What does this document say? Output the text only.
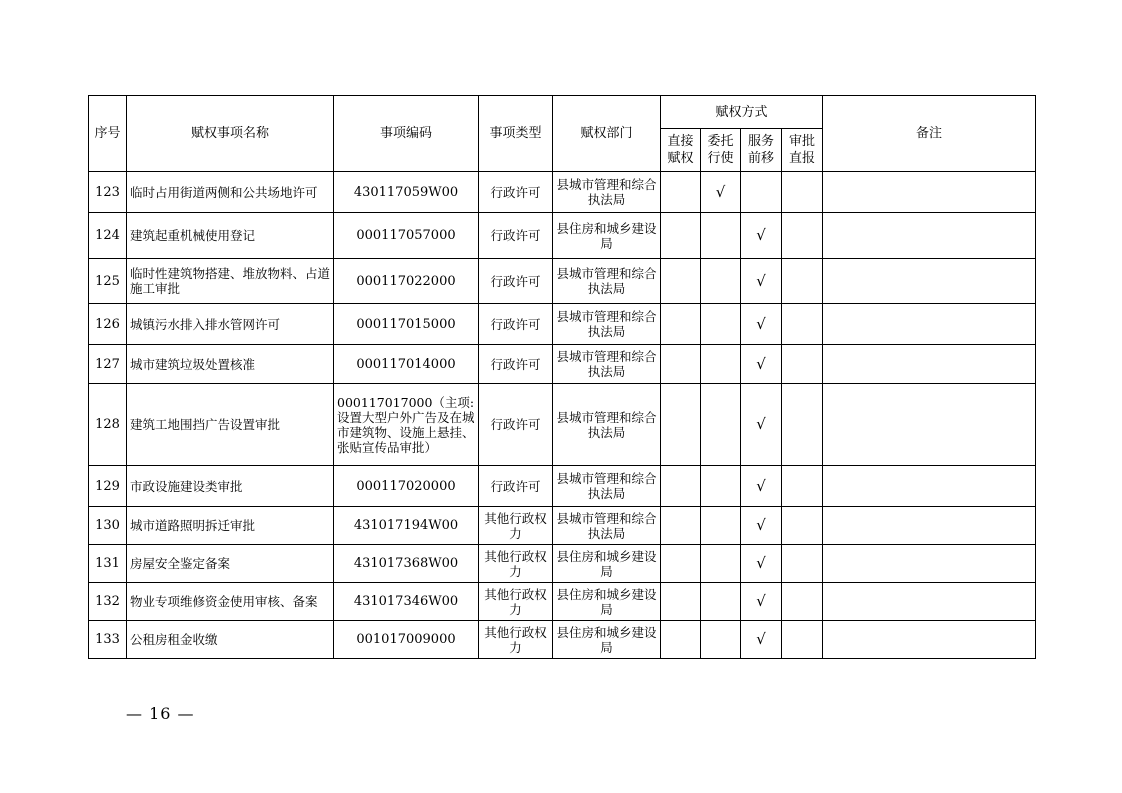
序号	赋权事项名称	事项编码	事项类型	赋权部门	赋权方式				备注
					直接赋权	委托行使	服务前移	审批直报	
123	临时占用街道两侧和公共场地许可	430117059W00	行政许可	县城市管理和综合执法局		√			
124	建筑起重机械使用登记	000117057000	行政许可	县住房和城乡建设局			√		
125	临时性建筑物搭建、堆放物料、占道施工审批	000117022000	行政许可	县城市管理和综合执法局			√		
126	城镇污水排入排水管网许可	000117015000	行政许可	县城市管理和综合执法局			√		
127	城市建筑垃圾处置核准	000117014000	行政许可	县城市管理和综合执法局			√		
128	建筑工地围挡广告设置审批	000117017000（主项:设置大型户外广告及在城市建筑物、设施上悬挂、张贴宣传品审批）	行政许可	县城市管理和综合执法局			√		
129	市政设施建设类审批	000117020000	行政许可	县城市管理和综合执法局			√		
130	城市道路照明拆迁审批	431017194W00	其他行政权力	县城市管理和综合执法局			√		
131	房屋安全鉴定备案	431017368W00	其他行政权力	县住房和城乡建设局			√		
132	物业专项维修资金使用审核、备案	431017346W00	其他行政权力	县住房和城乡建设局			√		
133	公租房租金收缴	001017009000	其他行政权力	县住房和城乡建设局			√		
— 16 —
